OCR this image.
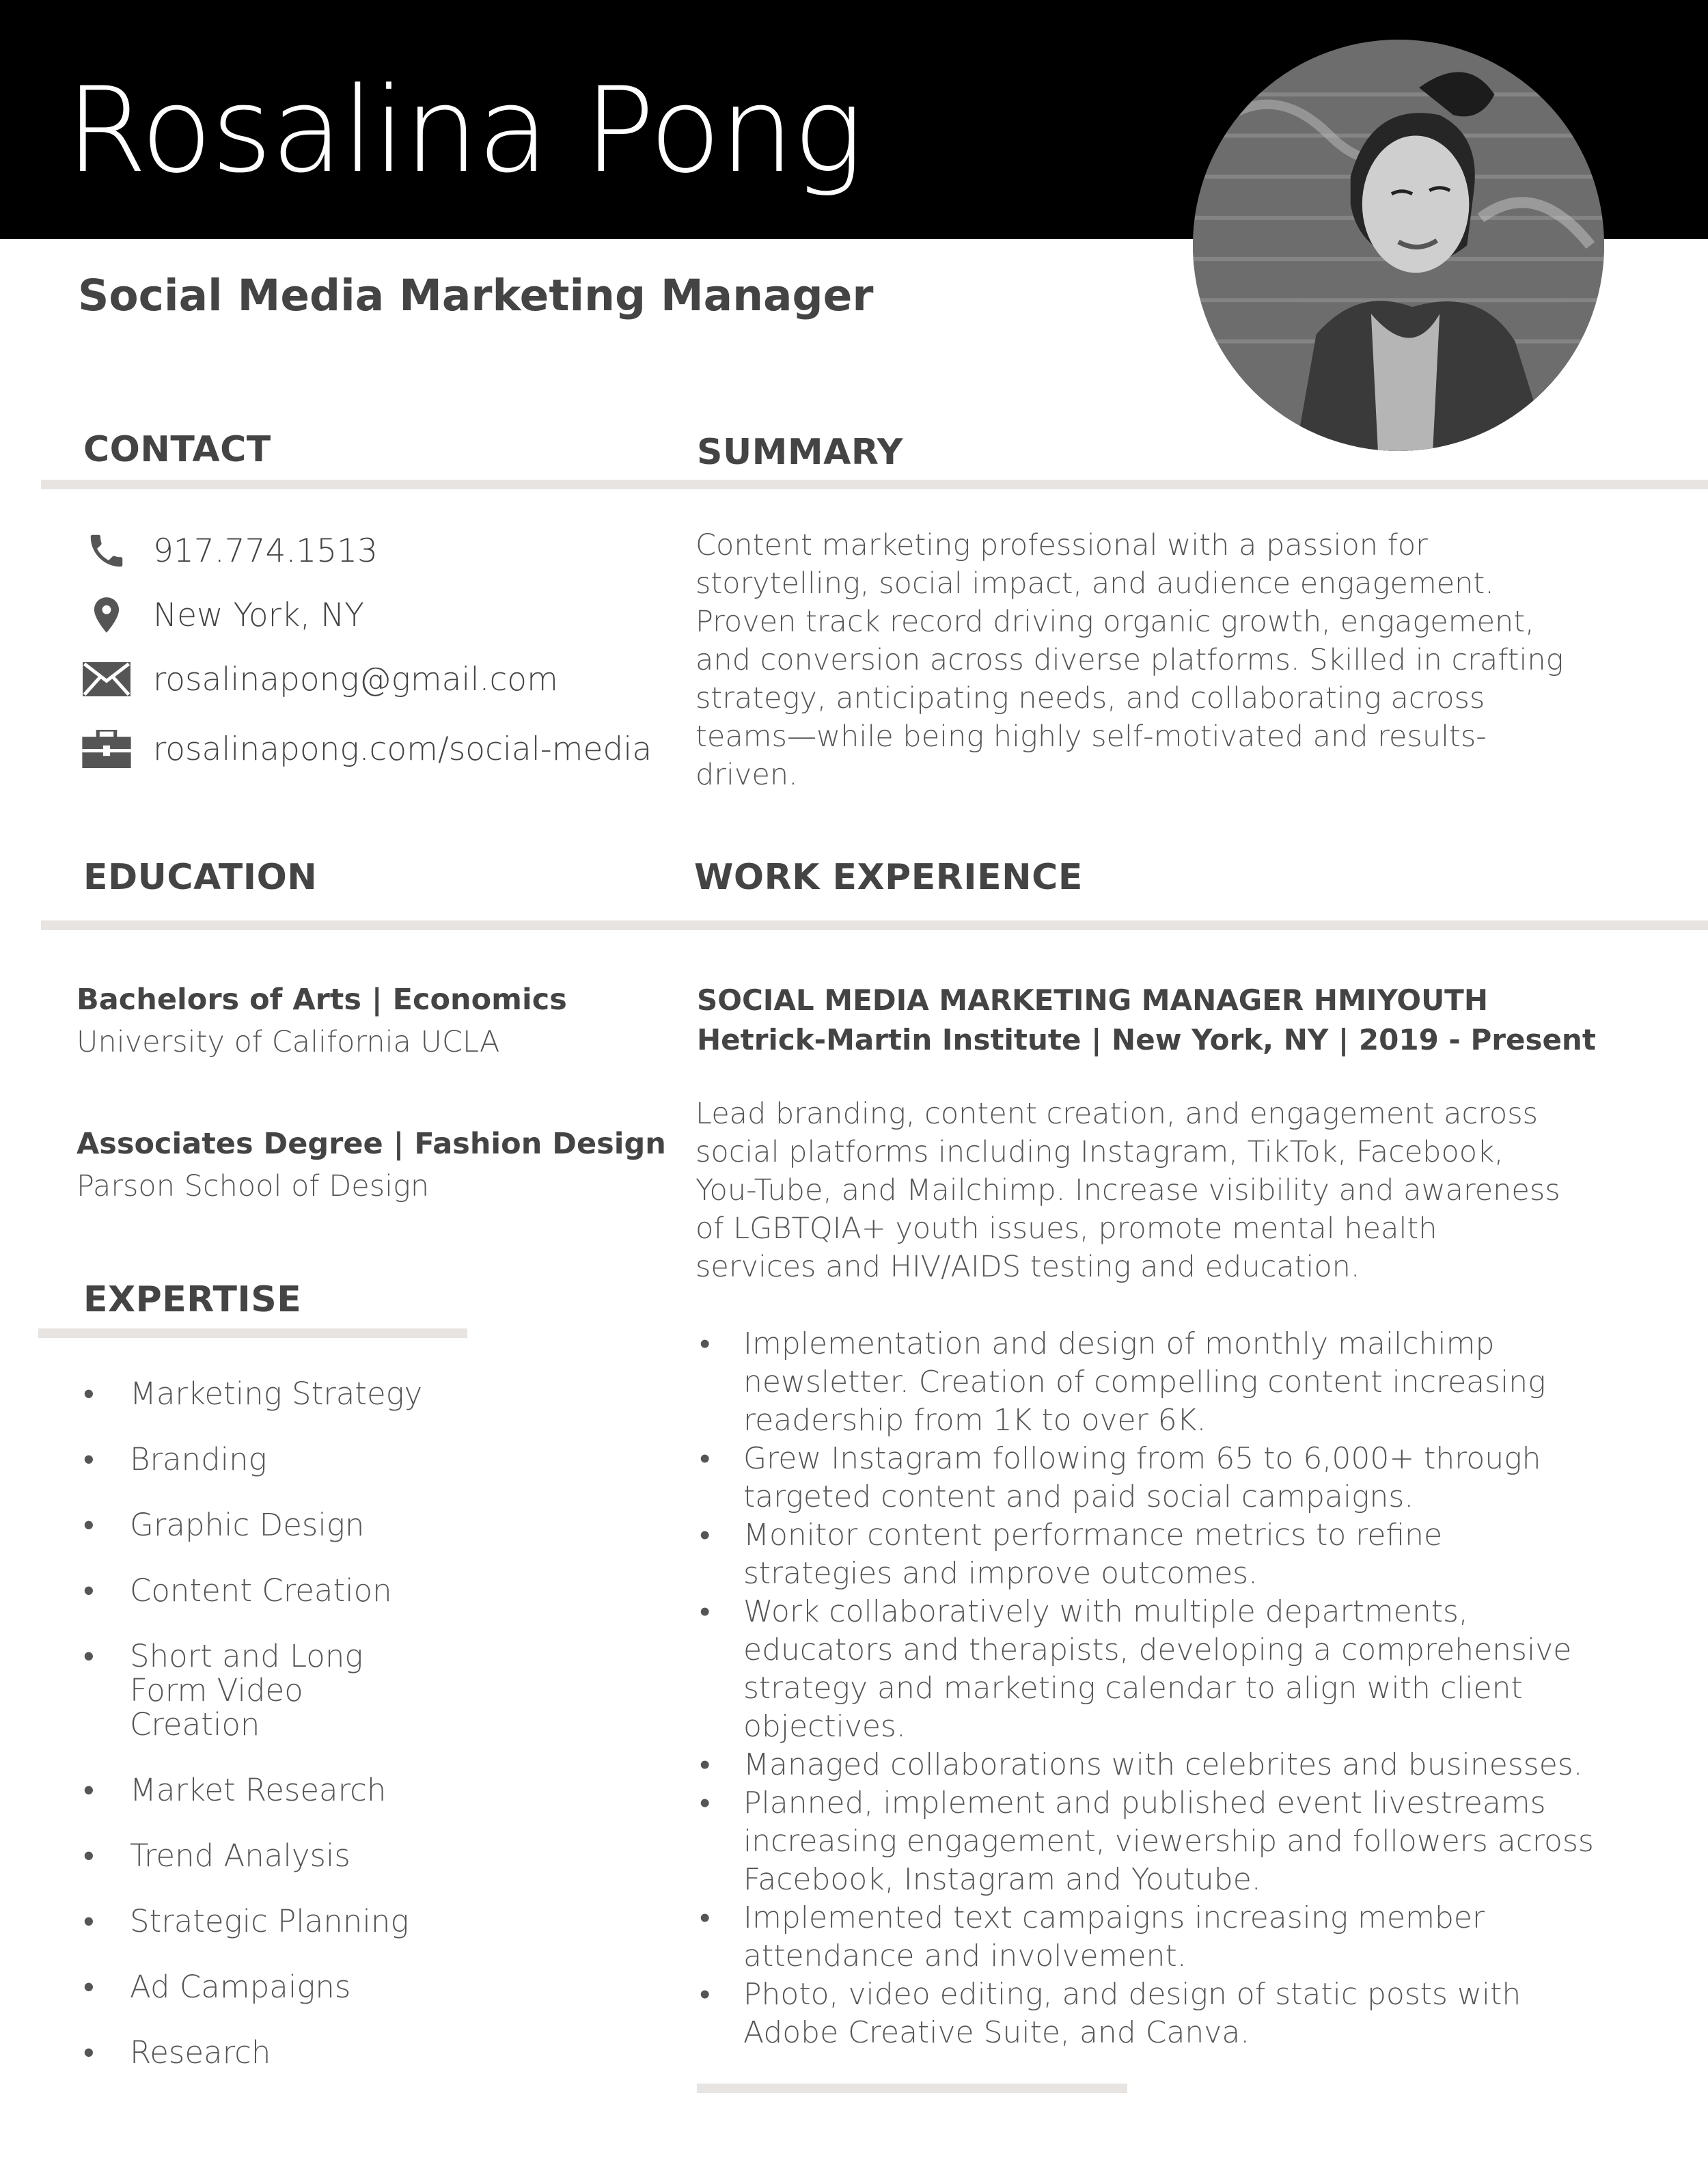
Rosalina Pong
Social Media Marketing Manager
CONTACT	SUMMARY
917.774.1513
New York, NY
rosalinapong@gmail.com
rosalinapong.com/social-media

Content marketing professional with a passion for storytelling, social impact, and audience engagement. Proven track record driving organic growth, engagement, and conversion across diverse platforms. Skilled in crafting strategy, anticipating needs, and collaborating across teams—while being highly self-motivated and results-driven.

EDUCATION	WORK EXPERIENCE
Bachelors of Arts | Economics
University of California UCLA
Associates Degree | Fashion Design
Parson School of Design
EXPERTISE
• Marketing Strategy
• Branding
• Graphic Design
• Content Creation
• Short and Long Form Video Creation
• Market Research
• Trend Analysis
• Strategic Planning
• Ad Campaigns
• Research
SOCIAL MEDIA MARKETING MANAGER HMIYOUTH
Hetrick-Martin Institute | New York, NY | 2019 - Present

Lead branding, content creation, and engagement across social platforms including Instagram, TikTok, Facebook, You-Tube, and Mailchimp. Increase visibility and awareness of LGBTQIA+ youth issues, promote mental health services and HIV/AIDS testing and education.

• Implementation and design of monthly mailchimp newsletter. Creation of compelling content increasing readership from 1K to over 6K.
• Grew Instagram following from 65 to 6,000+ through targeted content and paid social campaigns.
• Monitor content performance metrics to refine strategies and improve outcomes.
• Work collaboratively with multiple departments, educators and therapists, developing a comprehensive strategy and marketing calendar to align with client objectives.
• Managed collaborations with celebrites and businesses.
• Planned, implement and published event livestreams increasing engagement, viewership and followers across Facebook, Instagram and Youtube.
• Implemented text campaigns increasing member attendance and involvement.
• Photo, video editing, and design of static posts with Adobe Creative Suite, and Canva.
